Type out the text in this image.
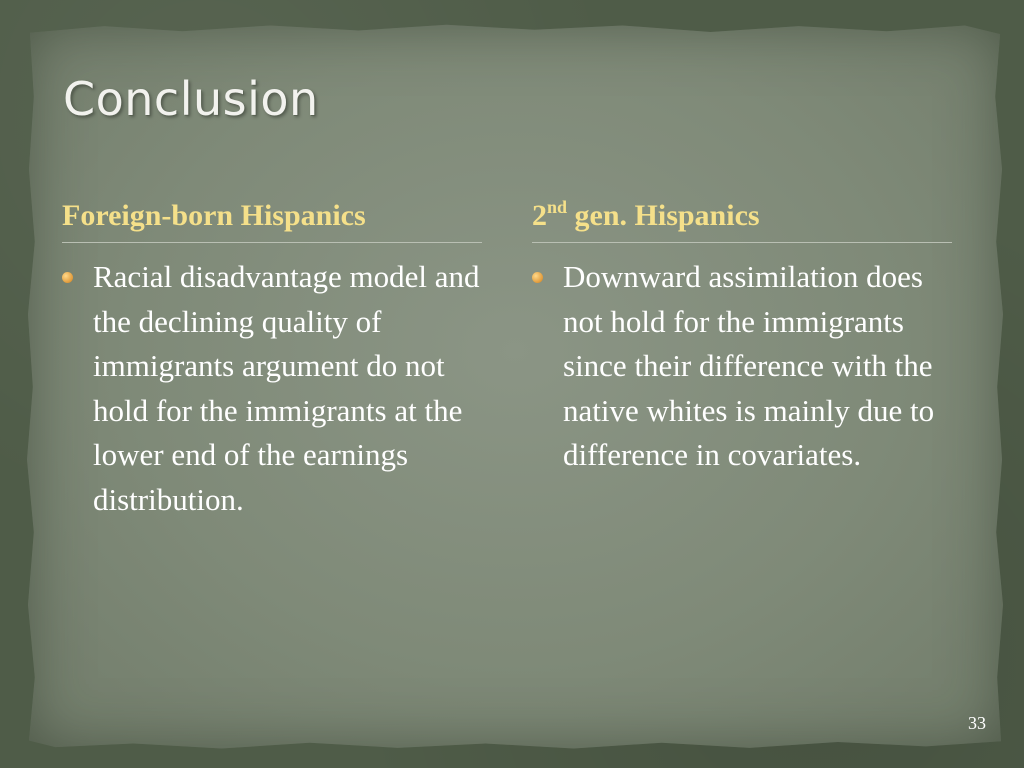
Conclusion
Foreign-born Hispanics

Racial disadvantage model and the declining quality of immigrants argument do not hold for the immigrants at the lower end of the earnings distribution.

2nd gen. Hispanics

Downward assimilation does not hold for the immigrants since their difference with the native whites is mainly due to difference in covariates.

33
